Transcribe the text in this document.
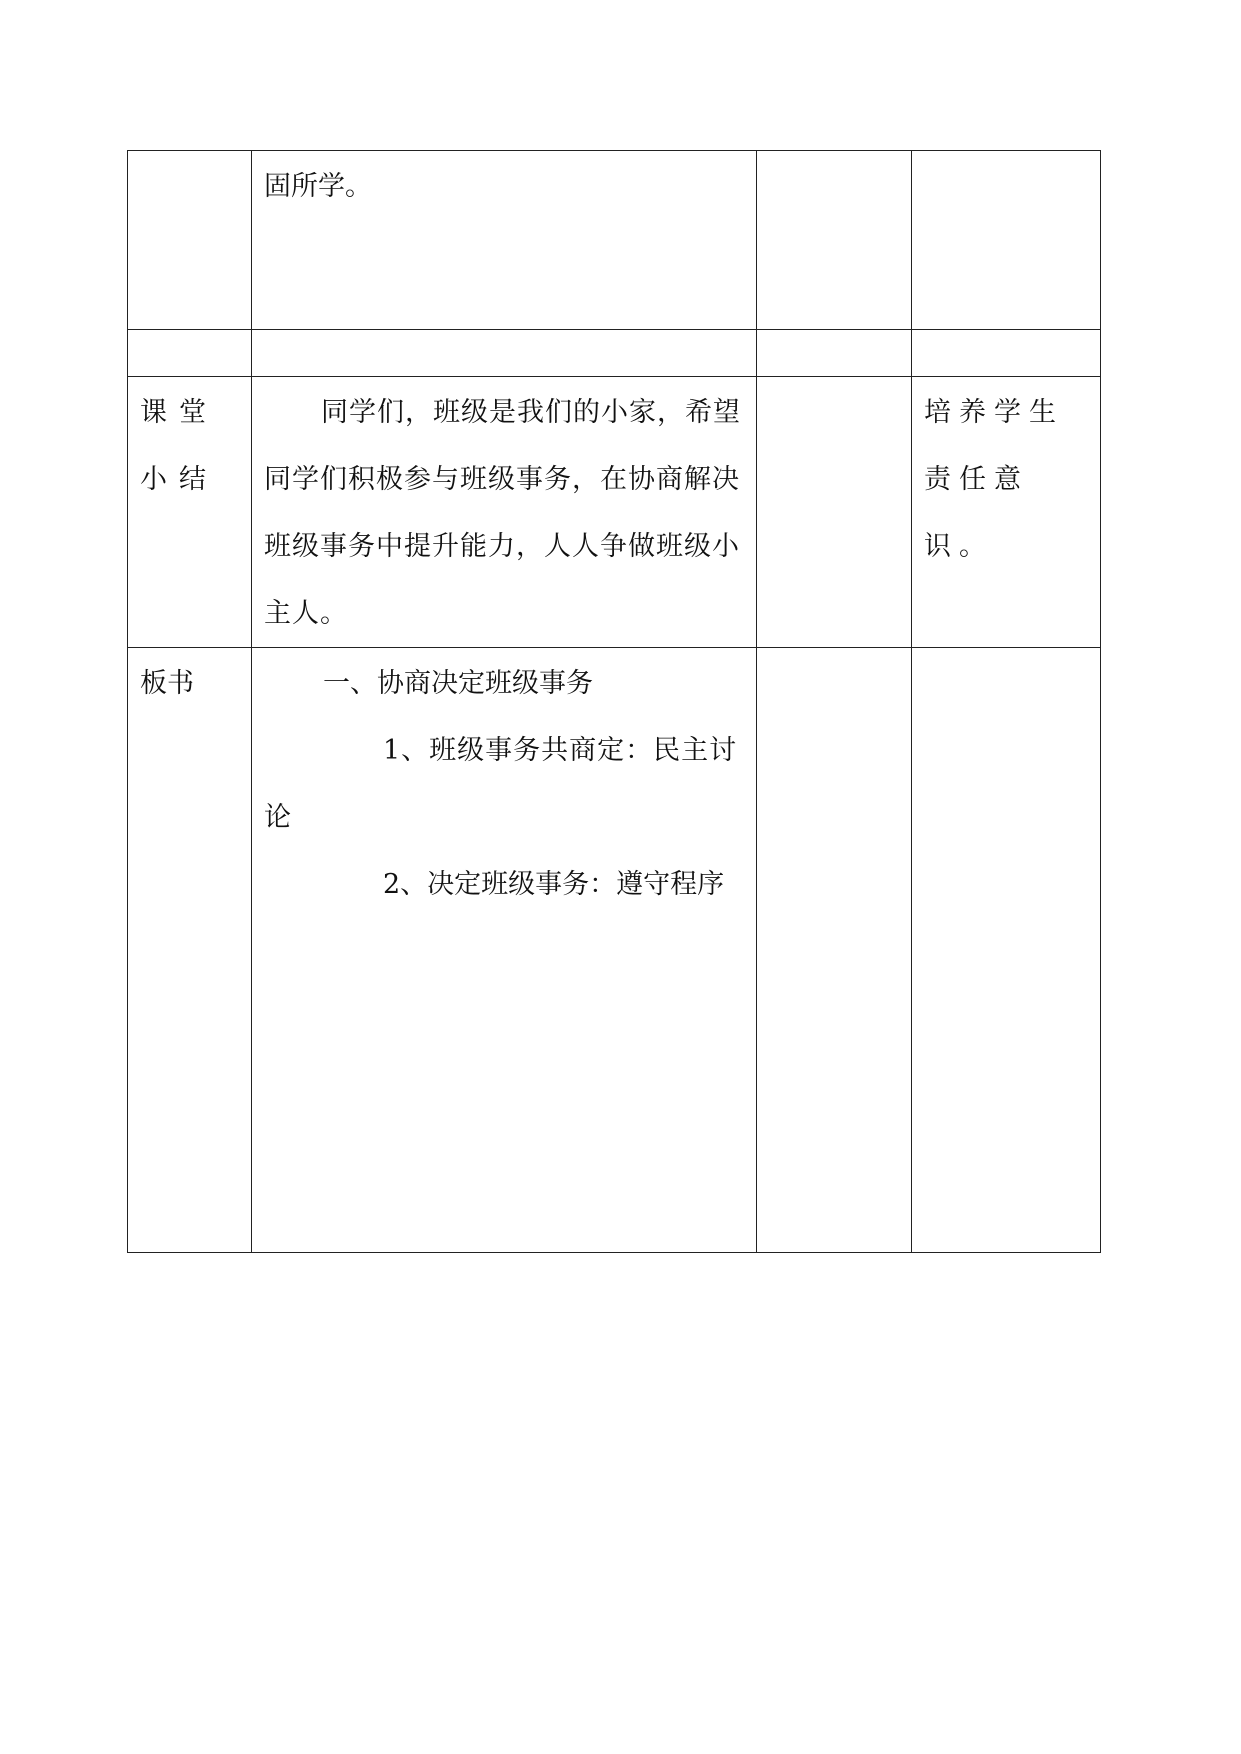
	固所学。		

课堂小结	同学们，班级是我们的小家，希望同学们积极参与班级事务，在协商解决班级事务中提升能力，人人争做班级小主人。		培养学生责任意识。

板书	一、协商决定班级事务

1、班级事务共商定：民主讨论

2、决定班级事务：遵守程序		
